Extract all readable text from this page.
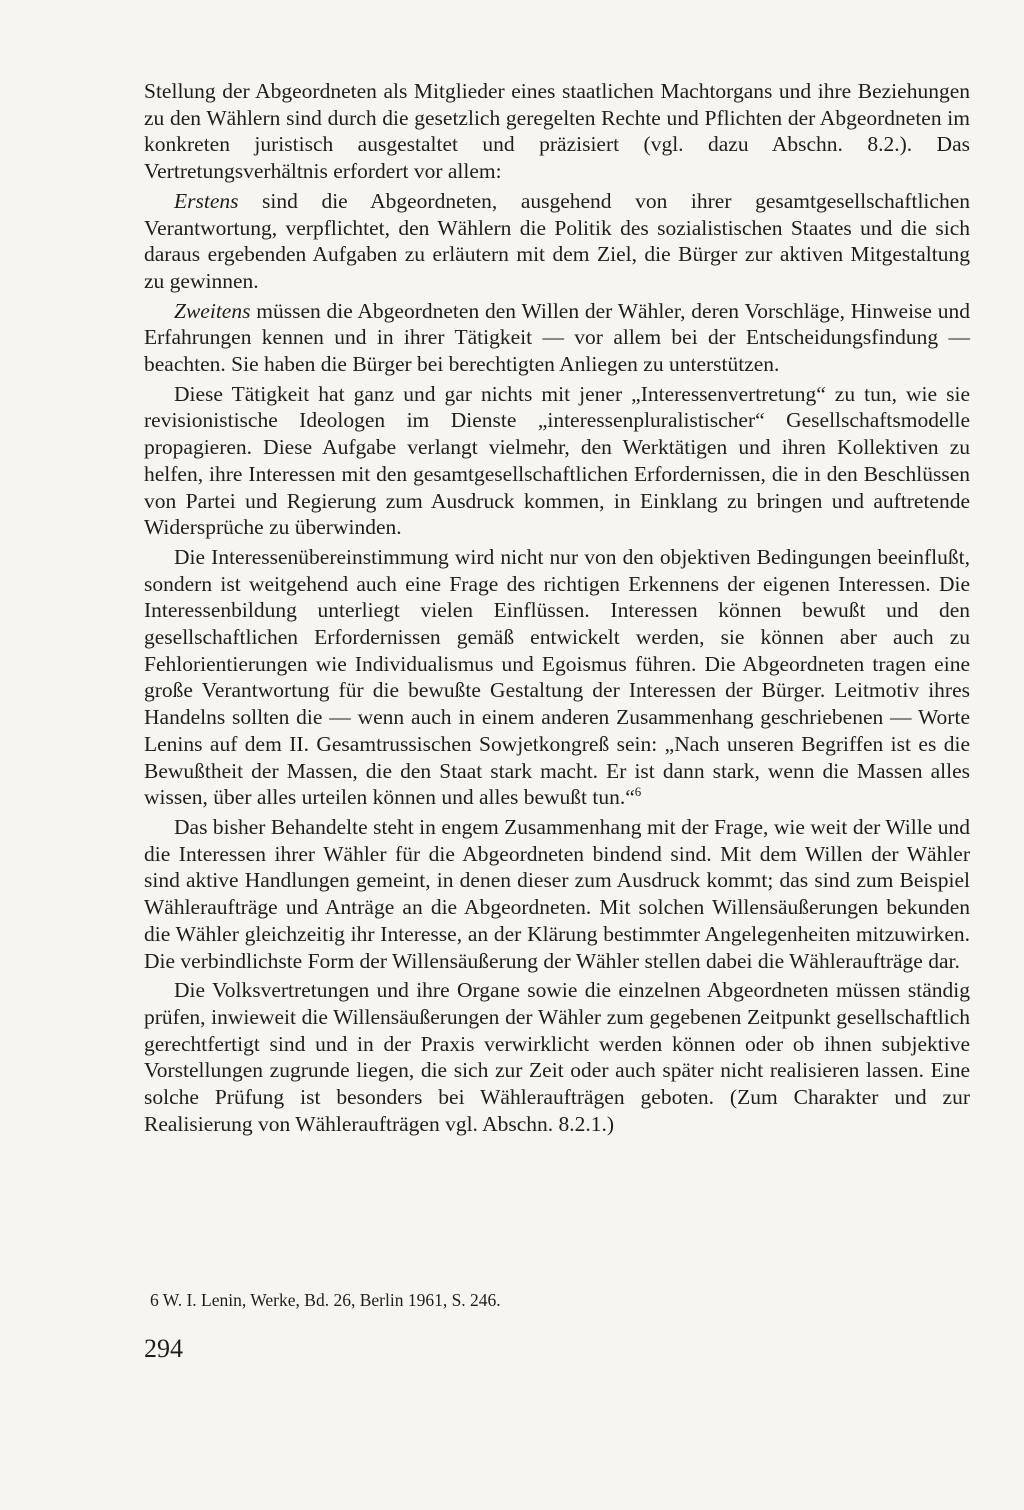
Stellung der Abgeordneten als Mitglieder eines staatlichen Machtorgans und ihre Beziehungen zu den Wählern sind durch die gesetzlich geregelten Rechte und Pflichten der Abgeordneten im konkreten juristisch ausgestaltet und präzisiert (vgl. dazu Abschn. 8.2.). Das Vertretungsverhältnis erfordert vor allem:

Erstens sind die Abgeordneten, ausgehend von ihrer gesamtgesellschaftlichen Verantwortung, verpflichtet, den Wählern die Politik des sozialistischen Staates und die sich daraus ergebenden Aufgaben zu erläutern mit dem Ziel, die Bürger zur aktiven Mitgestaltung zu gewinnen.

Zweitens müssen die Abgeordneten den Willen der Wähler, deren Vorschläge, Hinweise und Erfahrungen kennen und in ihrer Tätigkeit — vor allem bei der Entscheidungsfindung — beachten. Sie haben die Bürger bei berechtigten Anliegen zu unterstützen.

Diese Tätigkeit hat ganz und gar nichts mit jener „Interessenvertretung“ zu tun, wie sie revisionistische Ideologen im Dienste „interessenpluralistischer“ Gesellschaftsmodelle propagieren. Diese Aufgabe verlangt vielmehr, den Werktätigen und ihren Kollektiven zu helfen, ihre Interessen mit den gesamtgesellschaftlichen Erfordernissen, die in den Beschlüssen von Partei und Regierung zum Ausdruck kommen, in Einklang zu bringen und auftretende Widersprüche zu überwinden.

Die Interessenübereinstimmung wird nicht nur von den objektiven Bedingungen beeinflußt, sondern ist weitgehend auch eine Frage des richtigen Erkennens der eigenen Interessen. Die Interessenbildung unterliegt vielen Einflüssen. Interessen können bewußt und den gesellschaftlichen Erfordernissen gemäß entwickelt werden, sie können aber auch zu Fehlorientierungen wie Individualismus und Egoismus führen. Die Abgeordneten tragen eine große Verantwortung für die bewußte Gestaltung der Interessen der Bürger. Leitmotiv ihres Handelns sollten die — wenn auch in einem anderen Zusammenhang geschriebenen — Worte Lenins auf dem II. Gesamtrussischen Sowjetkongreß sein: „Nach unseren Begriffen ist es die Bewußtheit der Massen, die den Staat stark macht. Er ist dann stark, wenn die Massen alles wissen, über alles urteilen können und alles bewußt tun.“$^6$

Das bisher Behandelte steht in engem Zusammenhang mit der Frage, wie weit der Wille und die Interessen ihrer Wähler für die Abgeordneten bindend sind. Mit dem Willen der Wähler sind aktive Handlungen gemeint, in denen dieser zum Ausdruck kommt; das sind zum Beispiel Wähleraufträge und Anträge an die Abgeordneten. Mit solchen Willensäußerungen bekunden die Wähler gleichzeitig ihr Interesse, an der Klärung bestimmter Angelegenheiten mitzuwirken. Die verbindlichste Form der Willensäußerung der Wähler stellen dabei die Wähleraufträge dar.

Die Volksvertretungen und ihre Organe sowie die einzelnen Abgeordneten müssen ständig prüfen, inwieweit die Willensäußerungen der Wähler zum gegebenen Zeitpunkt gesellschaftlich gerechtfertigt sind und in der Praxis verwirklicht werden können oder ob ihnen subjektive Vorstellungen zugrunde liegen, die sich zur Zeit oder auch später nicht realisieren lassen. Eine solche Prüfung ist besonders bei Wähleraufträgen geboten. (Zum Charakter und zur Realisierung von Wähleraufträgen vgl. Abschn. 8.2.1.)

6 W. I. Lenin, Werke, Bd. 26, Berlin 1961, S. 246.
294
